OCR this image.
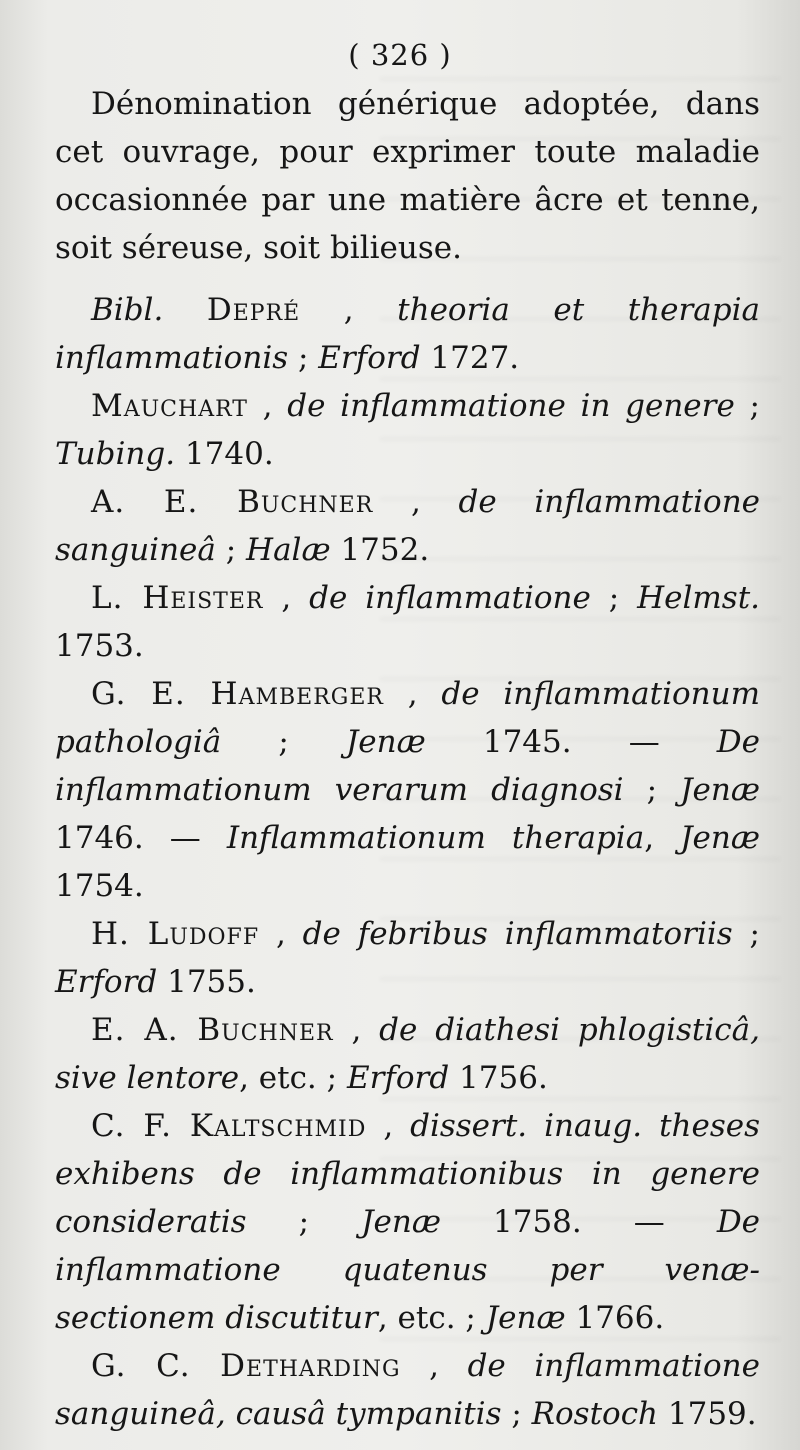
( 326 )

Dénomination générique adoptée, dans cet ouvrage, pour exprimer toute maladie occasionnée par une matière âcre et tenne, soit séreuse, soit bilieuse.

Bibl. Depré , theoria et therapia inflammationis ; Erford 1727.

Mauchart , de inflammatione in genere ; Tubing. 1740.

A. E. Buchner , de inflammatione sanguineâ ; Halæ 1752.

L. Heister , de inflammatione ; Helmst. 1753.

G. E. Hamberger , de inflammationum pathologiâ ; Jenæ 1745. — De inflammationum verarum diagnosi ; Jenæ 1746. — Inflammationum therapia, Jenæ 1754.

H. Ludoff , de febribus inflammatoriis ; Erford 1755.

E. A. Buchner , de diathesi phlogisticâ, sive lentore, etc. ; Erford 1756.

C. F. Kaltschmid , dissert. inaug. theses exhibens de inflammationibus in genere consideratis ; Jenæ 1758. — De inflammatione quatenus per venæ-sectionem discutitur, etc. ; Jenæ 1766.

G. C. Detharding , de inflammatione sanguineâ, causâ tympanitis ; Rostoch 1759.
